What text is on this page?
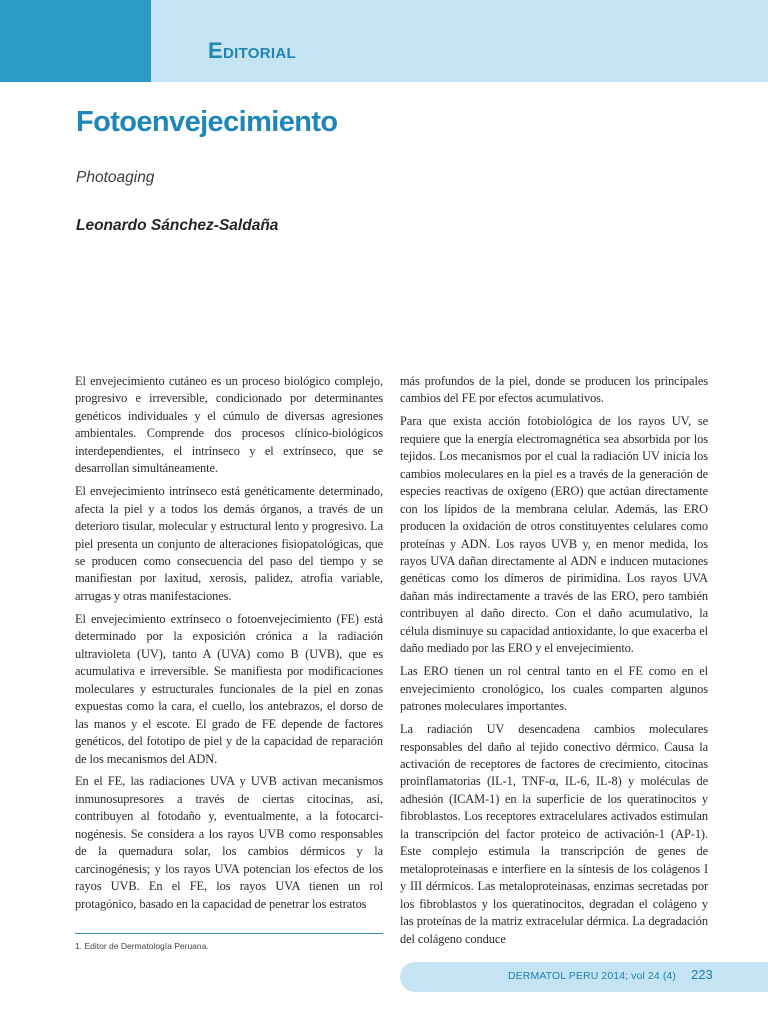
Editorial
Fotoenvejecimiento

Photoaging

Leonardo Sánchez-Saldaña

El envejecimiento cutáneo es un proceso biológico complejo, progresivo e irreversible, condicionado por determinantes genéticos individuales y el cúmulo de diversas agresiones ambientales. Comprende dos procesos clínico-biológicos interdependientes, el intrínseco y el extrínseco, que se desarrollan simultáneamente.

El envejecimiento intrínseco está genéticamente determinado, afecta la piel y a todos los demás órganos, a través de un deterioro tisular, molecular y estructural lento y progresivo. La piel presenta un conjunto de alteraciones fisiopatológicas, que se producen como consecuencia del paso del tiempo y se manifiestan por laxitud, xerosis, palidez, atrofia variable, arrugas y otras manifestaciones.

El envejecimiento extrínseco o fotoenvejecimiento (FE) está determinado por la exposición crónica a la radiación ultravioleta (UV), tanto A (UVA) como B (UVB), que es acumulativa e irreversible. Se manifiesta por modificaciones moleculares y estructurales funcionales de la piel en zonas expuestas como la cara, el cuello, los antebrazos, el dorso de las manos y el escote. El grado de FE depende de factores genéticos, del fototipo de piel y de la capacidad de reparación de los mecanismos del ADN.

En el FE, las radiaciones UVA y UVB activan mecanismos inmunosupresores a través de ciertas citocinas, así, contribuyen al fotodaño y, eventualmente, a la fotocarci-nogénesis. Se considera a los rayos UVB como responsables de la quemadura solar, los cambios dérmicos y la carcinogénesis; y los rayos UVA potencian los efectos de los rayos UVB. En el FE, los rayos UVA tienen un rol protagónico, basado en la capacidad de penetrar los estratos

más profundos de la piel, donde se producen los principales cambios del FE por efectos acumulativos.

Para que exista acción fotobiológica de los rayos UV, se requiere que la energía electromagnética sea absorbida por los tejidos. Los mecanismos por el cual la radiación UV inicia los cambios moleculares en la piel es a través de la generación de especies reactivas de oxígeno (ERO) que actúan directamente con los lípidos de la membrana celular. Además, las ERO producen la oxidación de otros constituyentes celulares como proteínas y ADN. Los rayos UVB y, en menor medida, los rayos UVA dañan directamente al ADN e inducen mutaciones genéticas como los dímeros de pirimidina. Los rayos UVA dañan más indirectamente a través de las ERO, pero también contribuyen al daño directo. Con el daño acumulativo, la célula disminuye su capacidad antioxidante, lo que exacerba el daño mediado por las ERO y el envejecimiento.

Las ERO tienen un rol central tanto en el FE como en el envejecimiento cronológico, los cuales comparten algunos patrones moleculares importantes.

La radiación UV desencadena cambios moleculares responsables del daño al tejido conectivo dérmico. Causa la activación de receptores de factores de crecimiento, citocinas proinflamatorias (IL-1, TNF-α, IL-6, IL-8) y moléculas de adhesión (ICAM-1) en la superficie de los queratinocitos y fibroblastos. Los receptores extracelulares activados estimulan la transcripción del factor proteico de activación-1 (AP-1). Este complejo estimula la transcripción de genes de metaloproteinasas e interfiere en la síntesis de los colágenos I y III dérmicos. Las metaloproteinasas, enzimas secretadas por los fibroblastos y los queratinocitos, degradan el colágeno y las proteínas de la matriz extracelular dérmica. La degradación del colágeno conduce

1. Editor de Dermatología Peruana.

DERMATOL PERU 2014; vol 24 (4) 223
